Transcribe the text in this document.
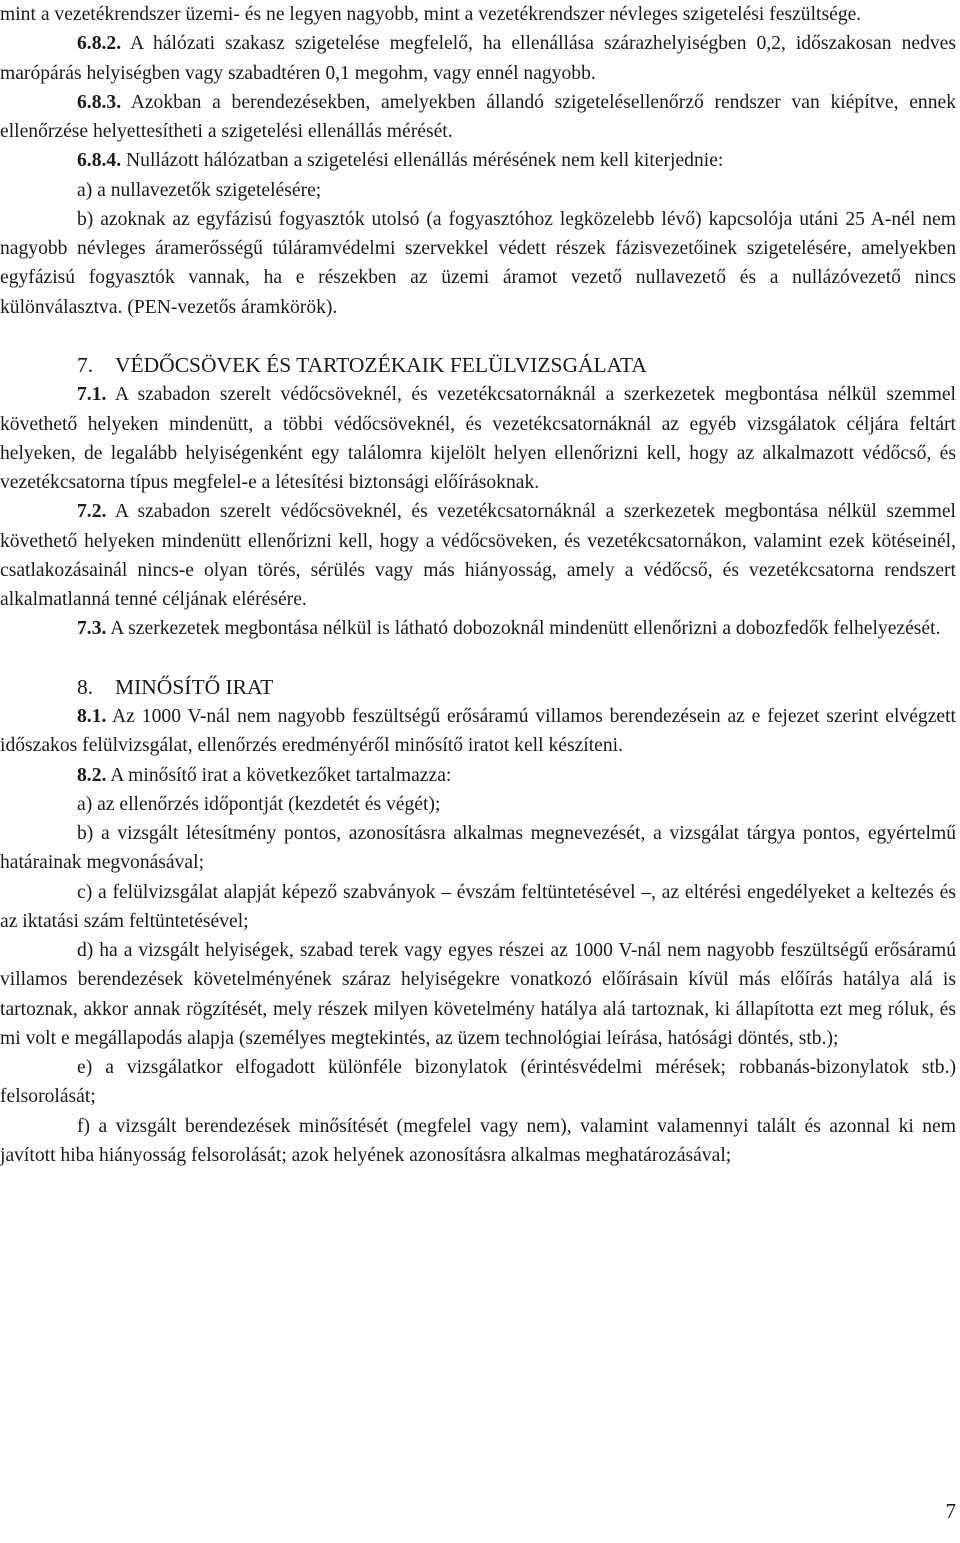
mint a vezetékrendszer üzemi- és ne legyen nagyobb, mint a vezetékrendszer névleges szigetelési feszültsége.

6.8.2. A hálózati szakasz szigetelése megfelelő, ha ellenállása szárazhelyiségben 0,2, időszakosan nedves marópárás helyiségben vagy szabadtéren 0,1 megohm, vagy ennél nagyobb.

6.8.3. Azokban a berendezésekben, amelyekben állandó szigetelésellenőrző rendszer van kiépítve, ennek ellenőrzése helyettesítheti a szigetelési ellenállás mérését.

6.8.4. Nullázott hálózatban a szigetelési ellenállás mérésének nem kell kiterjednie:

a) a nullavezetők szigetelésére;

b) azoknak az egyfázisú fogyasztók utolsó (a fogyasztóhoz legközelebb lévő) kapcsolója utáni 25 A-nél nem nagyobb névleges áramerősségű túláramvédelmi szervekkel védett részek fázisvezetőinek szigetelésére, amelyekben egyfázisú fogyasztók vannak, ha e részekben az üzemi áramot vezető nullavezető és a nullázóvezető nincs különválasztva. (PEN-vezetős áramkörök).

7. VÉDŐCSÖVEK ÉS TARTOZÉKAIK FELÜLVIZSGÁLATA

7.1. A szabadon szerelt védőcsöveknél, és vezetékcsatornáknál a szerkezetek megbontása nélkül szemmel követhető helyeken mindenütt, a többi védőcsöveknél, és vezetékcsatornáknál az egyéb vizsgálatok céljára feltárt helyeken, de legalább helyiségenként egy találomra kijelölt helyen ellenőrizni kell, hogy az alkalmazott védőcső, és vezetékcsatorna típus megfelel-e a létesítési biztonsági előírásoknak.

7.2. A szabadon szerelt védőcsöveknél, és vezetékcsatornáknál a szerkezetek megbontása nélkül szemmel követhető helyeken mindenütt ellenőrizni kell, hogy a védőcsöveken, és vezetékcsatornákon, valamint ezek kötéseinél, csatlakozásainál nincs-e olyan törés, sérülés vagy más hiányosság, amely a védőcső, és vezetékcsatorna rendszert alkalmatlanná tenné céljának elérésére.

7.3. A szerkezetek megbontása nélkül is látható dobozoknál mindenütt ellenőrizni a dobozfedők felhelyezését.

8. MINŐSÍTŐ IRAT

8.1. Az 1000 V-nál nem nagyobb feszültségű erősáramú villamos berendezésein az e fejezet szerint elvégzett időszakos felülvizsgálat, ellenőrzés eredményéről minősítő iratot kell készíteni.

8.2. A minősítő irat a következőket tartalmazza:

a) az ellenőrzés időpontját (kezdetét és végét);

b) a vizsgált létesítmény pontos, azonosításra alkalmas megnevezését, a vizsgálat tárgya pontos, egyértelmű határainak megvonásával;

c) a felülvizsgálat alapját képező szabványok – évszám feltüntetésével –, az eltérési engedélyeket a keltezés és az iktatási szám feltüntetésével;

d) ha a vizsgált helyiségek, szabad terek vagy egyes részei az 1000 V-nál nem nagyobb feszültségű erősáramú villamos berendezések követelményének száraz helyiségekre vonatkozó előírásain kívül más előírás hatálya alá is tartoznak, akkor annak rögzítését, mely részek milyen követelmény hatálya alá tartoznak, ki állapította ezt meg róluk, és mi volt e megállapodás alapja (személyes megtekintés, az üzem technológiai leírása, hatósági döntés, stb.);

e) a vizsgálatkor elfogadott különféle bizonylatok (érintésvédelmi mérések; robbanás-bizonylatok stb.) felsorolását;

f) a vizsgált berendezések minősítését (megfelel vagy nem), valamint valamennyi talált és azonnal ki nem javított hiba hiányosság felsorolását; azok helyének azonosításra alkalmas meghatározásával;

7
